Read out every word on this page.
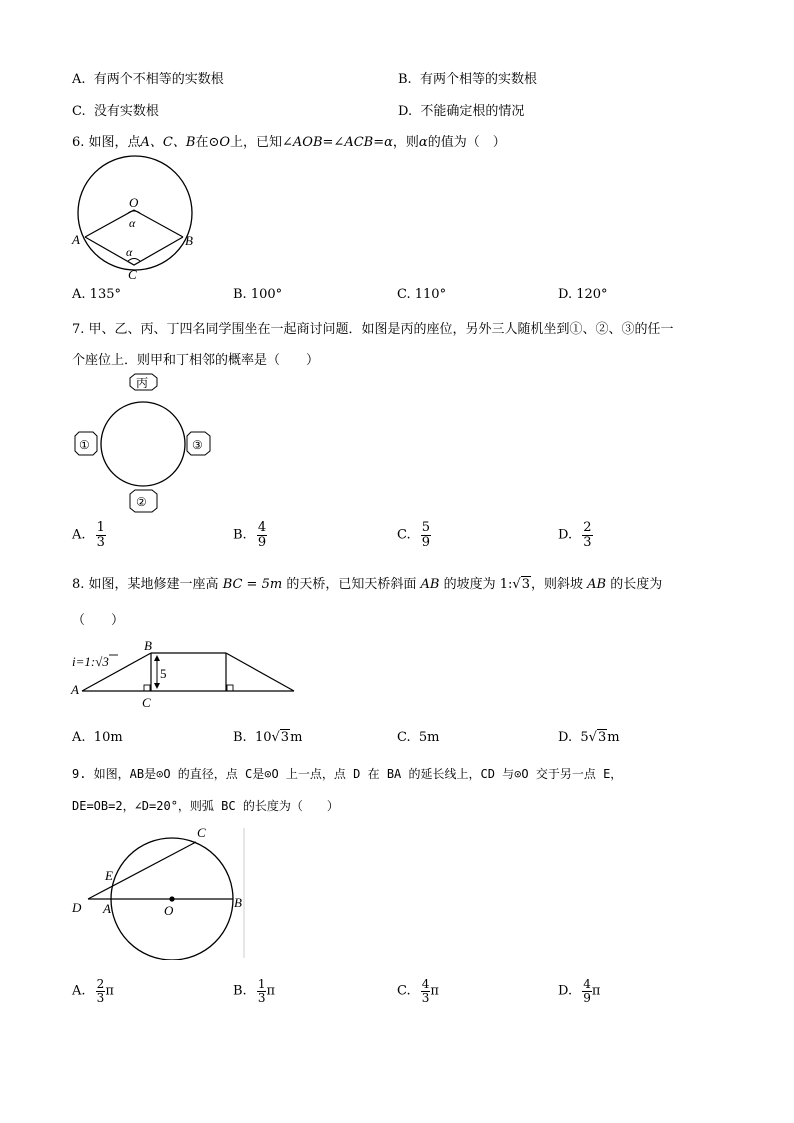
A. 有两个不相等的实数根	B. 有两个相等的实数根
C. 没有实数根	D. 不能确定根的情况
6. 如图，点A、C、B在⊙O上，已知∠AOB=∠ACB=α，则α的值为（　）
O
α
α
A	B
C
A. 135°	B. 100°	C. 110°	D. 120°
7. 甲、乙、丙、丁四名同学围坐在一起商讨问题．如图是丙的座位，另外三人随机坐到①、②、③的任一
个座位上．则甲和丁相邻的概率是（　　）
丙
①	③
②
A. $\frac{1}{3}$	B. $\frac{4}{9}$	C. $\frac{5}{9}$	D. $\frac{2}{3}$
8. 如图，某地修建一座高 BC = 5m 的天桥，已知天桥斜面 AB 的坡度为 1:√3，则斜坡 AB 的长度为
（　　）
5
B
A
C
i=1:√3
A. 10m	B. 10√3m	C. 5m	D. 5√3m
9. 如图，AB是⊙O 的直径，点 C是⊙O 上一点，点 D 在 BA 的延长线上，CD 与⊙O 交于另一点 E，
DE=OB=2，∠D=20°，则弧 BC 的长度为（　　）
C
E
D A	O
B
A. $\frac{2}{3}$ π	B. $\frac{1}{3}$ π	C. $\frac{4}{3}$ π	D. $\frac{4}{9}$ π
